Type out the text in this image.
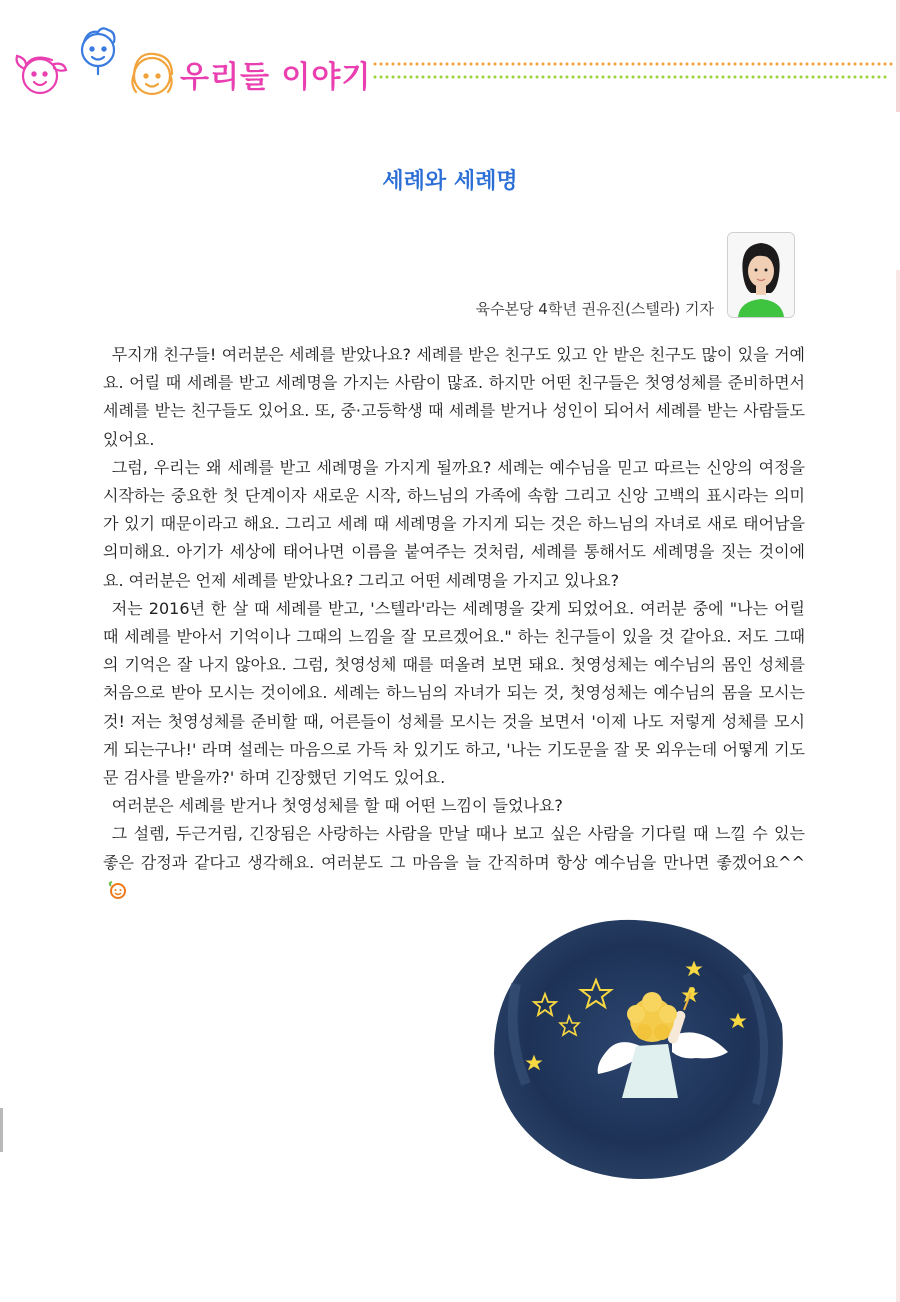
우리들 이야기
세례와 세례명
육수본당 4학년 권유진(스텔라) 기자

무지개 친구들! 여러분은 세례를 받았나요? 세례를 받은 친구도 있고 안 받은 친구도 많이 있을 거예요. 어릴 때 세례를 받고 세례명을 가지는 사람이 많죠. 하지만 어떤 친구들은 첫영성체를 준비하면서 세례를 받는 친구들도 있어요. 또, 중·고등학생 때 세례를 받거나 성인이 되어서 세례를 받는 사람들도 있어요.

그럼, 우리는 왜 세례를 받고 세례명을 가지게 될까요? 세례는 예수님을 믿고 따르는 신앙의 여정을 시작하는 중요한 첫 단계이자 새로운 시작, 하느님의 가족에 속함 그리고 신앙 고백의 표시라는 의미가 있기 때문이라고 해요. 그리고 세례 때 세례명을 가지게 되는 것은 하느님의 자녀로 새로 태어남을 의미해요. 아기가 세상에 태어나면 이름을 붙여주는 것처럼, 세례를 통해서도 세례명을 짓는 것이에요. 여러분은 언제 세례를 받았나요? 그리고 어떤 세례명을 가지고 있나요?

저는 2016년 한 살 때 세례를 받고, '스텔라'라는 세례명을 갖게 되었어요. 여러분 중에 "나는 어릴 때 세례를 받아서 기억이나 그때의 느낌을 잘 모르겠어요." 하는 친구들이 있을 것 같아요. 저도 그때의 기억은 잘 나지 않아요. 그럼, 첫영성체 때를 떠올려 보면 돼요. 첫영성체는 예수님의 몸인 성체를 처음으로 받아 모시는 것이에요. 세례는 하느님의 자녀가 되는 것, 첫영성체는 예수님의 몸을 모시는 것! 저는 첫영성체를 준비할 때, 어른들이 성체를 모시는 것을 보면서 '이제 나도 저렇게 성체를 모시게 되는구나!' 라며 설레는 마음으로 가득 차 있기도 하고, '나는 기도문을 잘 못 외우는데 어떻게 기도문 검사를 받을까?' 하며 긴장했던 기억도 있어요.

여러분은 세례를 받거나 첫영성체를 할 때 어떤 느낌이 들었나요?

그 설렘, 두근거림, 긴장됨은 사랑하는 사람을 만날 때나 보고 싶은 사람을 기다릴 때 느낄 수 있는 좋은 감정과 같다고 생각해요. 여러분도 그 마음을 늘 간직하며 항상 예수님을 만나면 좋겠어요^^
